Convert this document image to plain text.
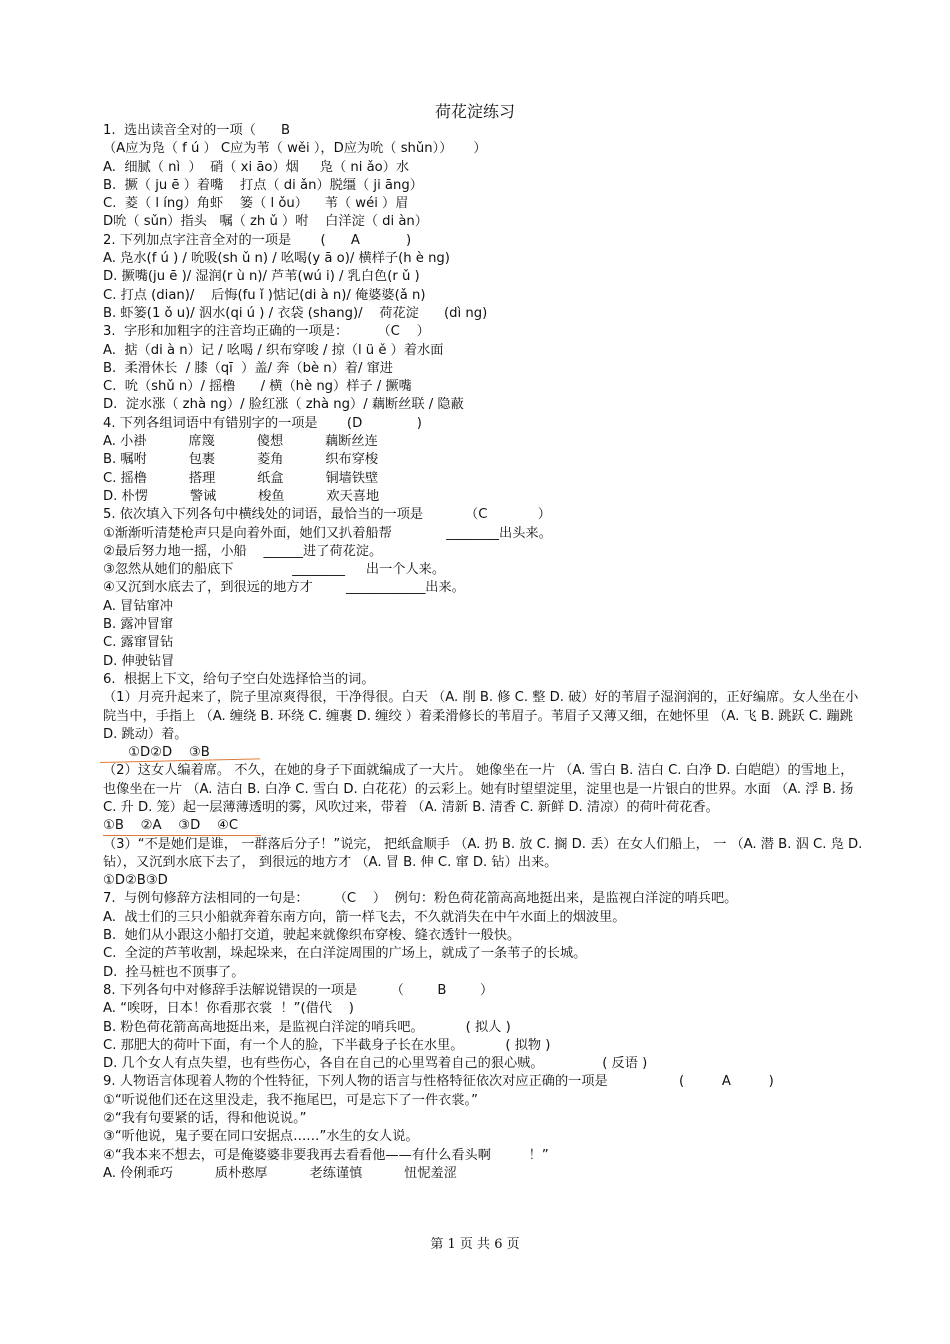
荷花淀练习
1.  选出读音全对的一项（      B
（A应为凫（ f ú ） C应为苇（ wěi ），D应为吮（ shǔn））     ）
A.  细腻（ nì  ）  硝（ xi āo）烟     凫（ ni ǎo）水
B.  撅（ ju ē ）着嘴    打点（ di ǎn）脱缰（ ji āng）
C.  菱（ l íng）角虾    篓（ l ǒu）    苇（ wéi ）眉
D吮（ sǔn）指头   嘱（ zh ǔ ）咐    白洋淀（ di àn）
2. 下列加点字注音全对的一项是       (      A           )
A. 凫水(f ú ) / 吮吸(sh ǔ n) / 吆喝(y ā o)/ 横样子(h è ng)
D. 撅嘴(ju ē )/ 湿润(r ù n)/ 芦苇(wú i) / 乳白色(r ǔ )
C. 打点 (dian)/    后悔(fu ǐ )惦记(di à n)/ 俺婆婆(ǎ n)
B. 虾篓(1 ǒ u)/ 泅水(qi ú ) / 衣袋 (shang)/    荷花淀      (dì ng)
3.  字形和加粗字的注音均正确的一项是：       （C    ）
A.  掂（di à n）记 / 吆喝 / 织布穿唆 / 掠（l ü ě ）着水面
B.  柔滑休长  / 膝（qī  ）盖/ 奔（bè n）着/ 窜进
C.  吮（shǔ n）/ 摇橹      / 横（hè ng）样子 / 撅嘴
D.  淀水涨（ zhà ng）/ 脸红涨（ zhà ng）/ 藕断丝联 / 隐蔽
4. 下列各组词语中有错别字的一项是       (D             )
A. 小褂          席篾          傻想          藕断丝连
B. 嘱咐          包裹          菱角          织布穿梭
C. 摇橹          搭理          纸盒          铜墙铁壁
D. 朴愣          警诫          梭鱼          欢天喜地
5. 依次填入下列各句中横线处的词语，最恰当的一项是          （C            ）
①渐渐听清楚枪声只是向着外面，她们又扒着船帮             ________出头来。
②最后努力地一摇，小船    ______进了荷花淀。
③忽然从她们的船底下              ________     出一个人来。
④又沉到水底去了，到很远的地方才        ____________出来。
A. 冒钻窜冲
B. 露冲冒窜
C. 露窜冒钻
D. 伸驶钻冒
6.  根据上下文，给句子空白处选择恰当的词。
（1）月亮升起来了，院子里凉爽得很，干净得很。白天 （A. 削 B. 修 C. 整 D. 破）好的苇眉子湿润润的，正好编席。女人坐在小院当中，手指上 （A. 缠绕 B. 环绕 C. 缠裹 D. 缠绞 ）着柔滑修长的苇眉子。苇眉子又薄又细，在她怀里 （A. 飞 B. 跳跃 C. 蹦跳 D. 跳动）着。
①D②D    ③B
（2）这女人编着席。 不久，在她的身子下面就编成了一大片。 她像坐在一片 （A. 雪白 B. 洁白 C. 白净 D. 白皑皑）的雪地上，也像坐在一片 （A. 洁白 B. 白净 C. 雪白 D. 白花花）的云彩上。她有时望望淀里，淀里也是一片银白的世界。水面 （A. 浮 B. 扬 C. 升 D. 笼）起一层薄薄透明的雾，风吹过来，带着 （A. 清新 B. 清香 C. 新鲜 D. 清凉）的荷叶荷花香。
①B    ②A    ③D    ④C
（3）“不是她们是谁， 一群落后分子！”说完， 把纸盒顺手 （A. 扔 B. 放 C. 搁 D. 丢）在女人们船上， 一 （A. 潜 B. 泅 C. 凫 D. 钻），又沉到水底下去了， 到很远的地方才 （A. 冒 B. 伸 C. 窜 D. 钻）出来。
①D②B③D
7.  与例句修辞方法相同的一句是：      （C    ）  例句：粉色荷花箭高高地挺出来，是监视白洋淀的哨兵吧。
A.  战士们的三只小船就奔着东南方向，箭一样飞去，不久就消失在中午水面上的烟波里。
B.  她们从小跟这小船打交道，驶起来就像织布穿梭、缝衣透针一般快。
C.  全淀的芦苇收割，垛起垛来，在白洋淀周围的广场上，就成了一条苇子的长城。
D.  拴马桩也不顶事了。
8. 下列各句中对修辞手法解说错误的一项是        （        B        ）
A. “唉呀，日本！你看那衣裳  ！”(借代    )
B. 粉色荷花箭高高地挺出来，是监视白洋淀的哨兵吧。          ( 拟人 )
C. 那肥大的荷叶下面，有一个人的脸，下半截身子长在水里。          ( 拟物 )
D. 几个女人有点失望，也有些伤心，各自在自己的心里骂着自己的狠心贼。              ( 反语 )
9. 人物语言体现着人物的个性特征，下列人物的语言与性格特征依次对应正确的一项是                 (         A         )
①“听说他们还在这里没走，我不拖尾巴，可是忘下了一件衣裳。”
②“我有句要紧的话，得和他说说。”
③“听他说，鬼子要在同口安据点……”水生的女人说。
④“我本来不想去，可是俺婆婆非要我再去看看他——有什么看头啊         ！”
A. 伶俐乖巧          质朴憨厚          老练谨慎          忸怩羞涩
第 1 页 共 6 页
